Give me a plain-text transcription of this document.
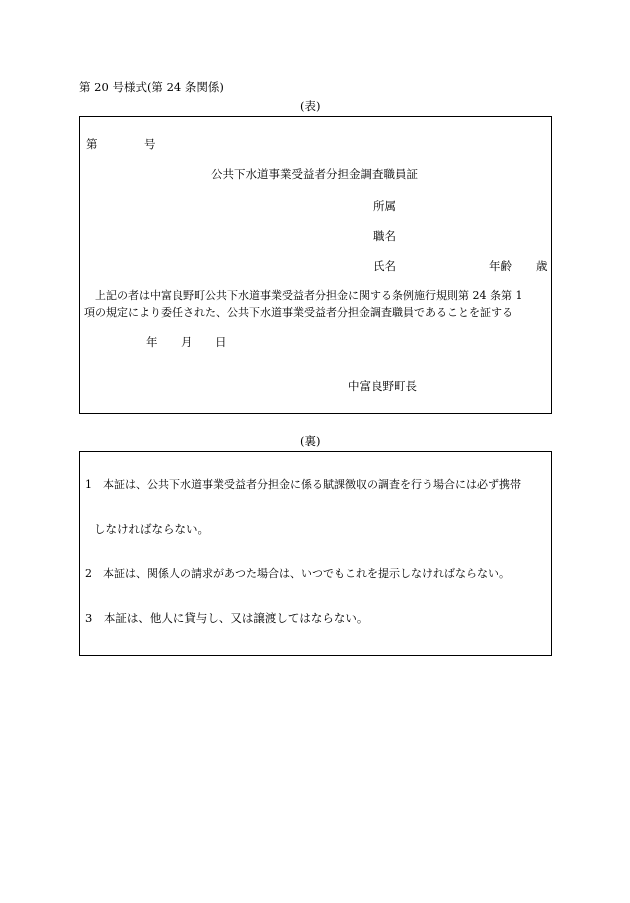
第 20 号様式(第 24 条関係)
(表)
第	号
公共下水道事業受益者分担金調査職員証
所属
職名
氏名	年齢 歳
上記の者は中富良野町公共下水道事業受益者分担金に関する条例施行規則第 24 条第 1
項の規定により委任された、公共下水道事業受益者分担金調査職員であることを証する
年 月 日
中富良野町長
(裏)
1　本証は、公共下水道事業受益者分担金に係る賦課徴収の調査を行う場合には必ず携帯
しなければならない。
2　本証は、関係人の請求があつた場合は、いつでもこれを提示しなければならない。
3　本証は、他人に貸与し、又は譲渡してはならない。
